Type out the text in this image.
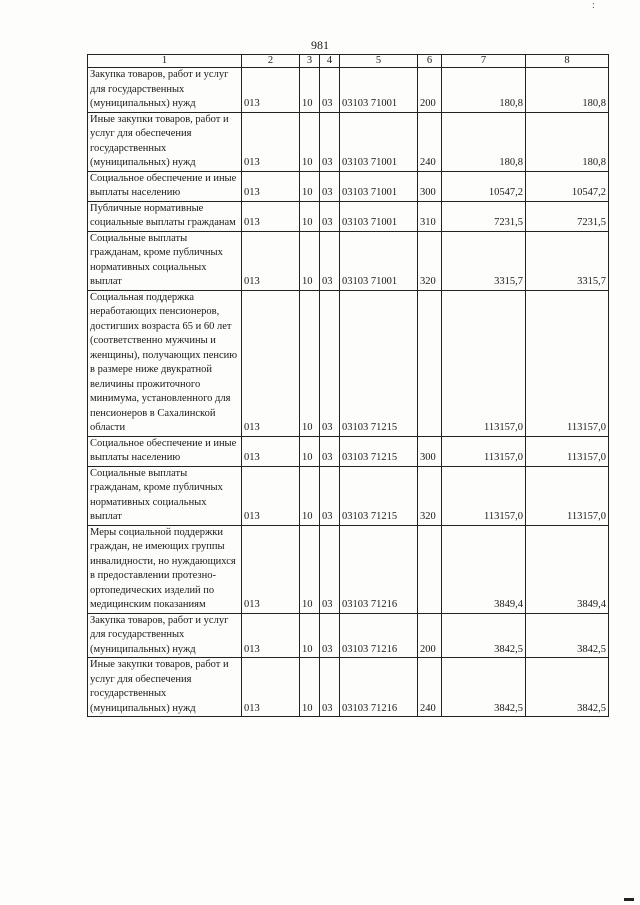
:
981
1	2	3	4	5	6	7	8
Закупка товаров, работ и услуг для государственных (муниципальных) нужд	013	10	03	03103 71001	200	180,8	180,8
Иные закупки товаров, работ и услуг для обеспечения государственных (муниципальных) нужд	013	10	03	03103 71001	240	180,8	180,8
Социальное обеспечение и иные выплаты населению	013	10	03	03103 71001	300	10547,2	10547,2
Публичные нормативные социальные выплаты гражданам	013	10	03	03103 71001	310	7231,5	7231,5
Социальные выплаты гражданам, кроме публичных нормативных социальных выплат	013	10	03	03103 71001	320	3315,7	3315,7
Социальная поддержка неработающих пенсионеров, достигших возраста 65 и 60 лет (соответственно мужчины и женщины), получающих пенсию в размере ниже двукратной величины прожиточного минимума, установленного для пенсионеров в Сахалинской области	013	10	03	03103 71215		113157,0	113157,0
Социальное обеспечение и иные выплаты населению	013	10	03	03103 71215	300	113157,0	113157,0
Социальные выплаты гражданам, кроме публичных нормативных социальных выплат	013	10	03	03103 71215	320	113157,0	113157,0
Меры социальной поддержки граждан, не имеющих группы инвалидности, но нуждающихся в предоставлении протезно-ортопедических изделий по медицинским показаниям	013	10	03	03103 71216		3849,4	3849,4
Закупка товаров, работ и услуг для государственных (муниципальных) нужд	013	10	03	03103 71216	200	3842,5	3842,5
Иные закупки товаров, работ и услуг для обеспечения государственных (муниципальных) нужд	013	10	03	03103 71216	240	3842,5	3842,5
